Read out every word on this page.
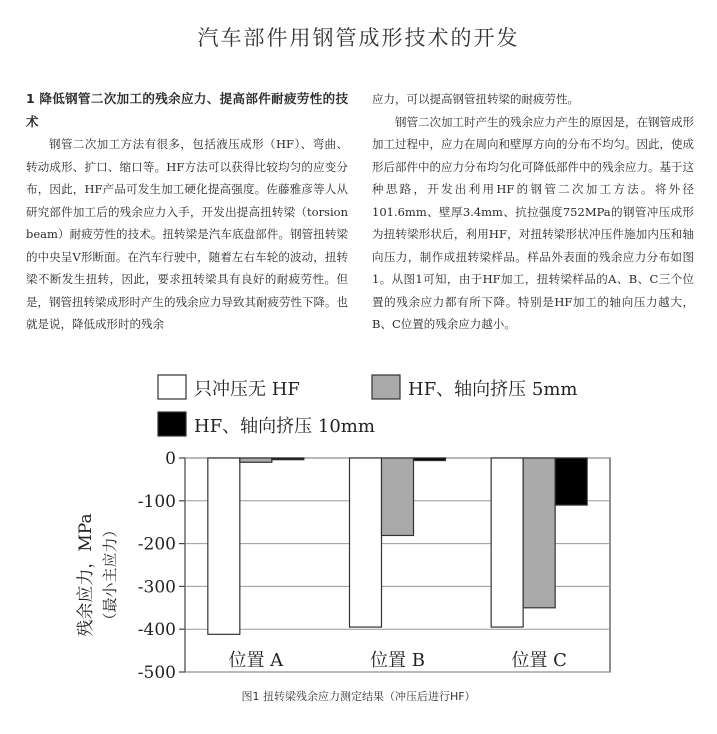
汽车部件用钢管成形技术的开发

1 降低钢管二次加工的残余应力、提高部件耐疲劳性的技术

钢管二次加工方法有很多，包括液压成形（HF）、弯曲、转动成形、扩口、缩口等。HF方法可以获得比较均匀的应变分布，因此，HF产品可发生加工硬化提高强度。佐藤雅彦等人从研究部件加工后的残余应力入手，开发出提高扭转梁（torsion beam）耐疲劳性的技术。扭转梁是汽车底盘部件。钢管扭转梁的中央呈V形断面。在汽车行驶中，随着左右车轮的波动，扭转梁不断发生扭转，因此，要求扭转梁具有良好的耐疲劳性。但是，钢管扭转梁成形时产生的残余应力导致其耐疲劳性下降。也就是说，降低成形时的残余

应力，可以提高钢管扭转梁的耐疲劳性。

钢管二次加工时产生的残余应力产生的原因是，在钢管成形加工过程中，应力在周向和壁厚方向的分布不均匀。因此，使成形后部件中的应力分布均匀化可降低部件中的残余应力。基于这种思路，开发出利用HF的钢管二次加工方法。将外径101.6mm、壁厚3.4mm、抗拉强度752MPa的钢管冲压成形为扭转梁形状后，利用HF，对扭转梁形状冲压件施加内压和轴向压力，制作成扭转梁样品。样品外表面的残余应力分布如图1。从图1可知，由于HF加工，扭转梁样品的A、B、C三个位置的残余应力都有所下降。特别是HF加工的轴向压力越大，B、C位置的残余应力越小。

0
-100
-200
-300
-400
-500
位置 A	位置 B	位置 C
残余应力，MPa （最小主应力）
只冲压无 HF	HF、轴向挤压 5mm
HF、轴向挤压 10mm
图1 扭转梁残余应力测定结果（冲压后进行HF）
